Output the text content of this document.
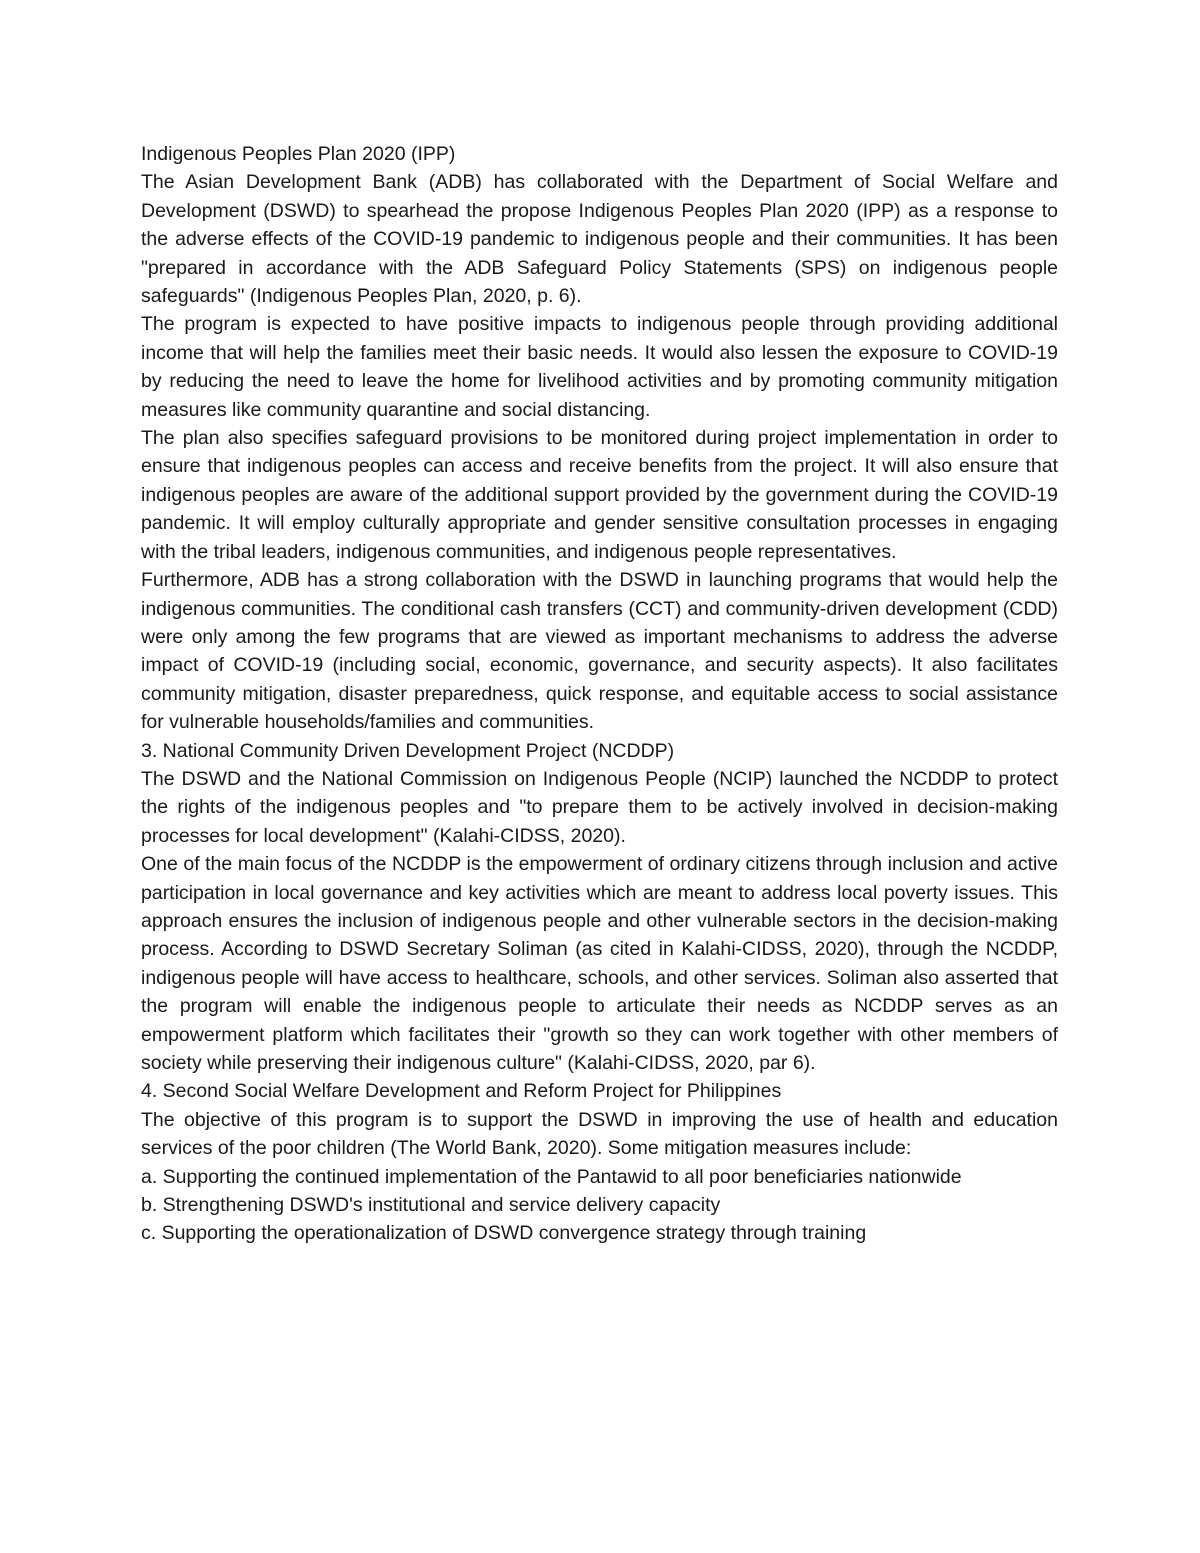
Indigenous Peoples Plan 2020 (IPP)

The Asian Development Bank (ADB) has collaborated with the Department of Social Welfare and Development (DSWD) to spearhead the propose Indigenous Peoples Plan 2020 (IPP) as a response to the adverse effects of the COVID-19 pandemic to indigenous people and their communities. It has been "prepared in accordance with the ADB Safeguard Policy Statements (SPS) on indigenous people safeguards" (Indigenous Peoples Plan, 2020, p. 6).

The program is expected to have positive impacts to indigenous people through providing additional income that will help the families meet their basic needs. It would also lessen the exposure to COVID-19 by reducing the need to leave the home for livelihood activities and by promoting community mitigation measures like community quarantine and social distancing.

The plan also specifies safeguard provisions to be monitored during project implementation in order to ensure that indigenous peoples can access and receive benefits from the project. It will also ensure that indigenous peoples are aware of the additional support provided by the government during the COVID-19 pandemic. It will employ culturally appropriate and gender sensitive consultation processes in engaging with the tribal leaders, indigenous communities, and indigenous people representatives.

Furthermore, ADB has a strong collaboration with the DSWD in launching programs that would help the indigenous communities. The conditional cash transfers (CCT) and community-driven development (CDD) were only among the few programs that are viewed as important mechanisms to address the adverse impact of COVID-19 (including social, economic, governance, and security aspects). It also facilitates community mitigation, disaster preparedness, quick response, and equitable access to social assistance for vulnerable households/families and communities.

3. National Community Driven Development Project (NCDDP)

The DSWD and the National Commission on Indigenous People (NCIP) launched the NCDDP to protect the rights of the indigenous peoples and "to prepare them to be actively involved in decision-making processes for local development" (Kalahi-CIDSS, 2020).

One of the main focus of the NCDDP is the empowerment of ordinary citizens through inclusion and active participation in local governance and key activities which are meant to address local poverty issues. This approach ensures the inclusion of indigenous people and other vulnerable sectors in the decision-making process. According to DSWD Secretary Soliman (as cited in Kalahi-CIDSS, 2020), through the NCDDP, indigenous people will have access to healthcare, schools, and other services. Soliman also asserted that the program will enable the indigenous people to articulate their needs as NCDDP serves as an empowerment platform which facilitates their "growth so they can work together with other members of society while preserving their indigenous culture" (Kalahi-CIDSS, 2020, par 6).

4. Second Social Welfare Development and Reform Project for Philippines

The objective of this program is to support the DSWD in improving the use of health and education services of the poor children (The World Bank, 2020). Some mitigation measures include:

a. Supporting the continued implementation of the Pantawid to all poor beneficiaries nationwide

b. Strengthening DSWD's institutional and service delivery capacity

c. Supporting the operationalization of DSWD convergence strategy through training
